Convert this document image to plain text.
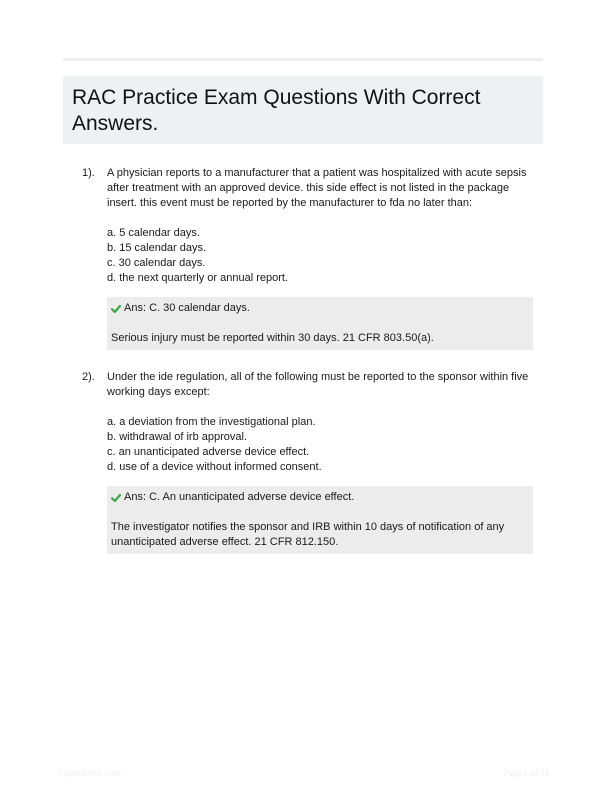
RAC Practice Exam Questions With Correct Answers.
1). A physician reports to a manufacturer that a patient was hospitalized with acute sepsis after treatment with an approved device. this side effect is not listed in the package insert. this event must be reported by the manufacturer to fda no later than:

a. 5 calendar days.
b. 15 calendar days.
c. 30 calendar days.
d. the next quarterly or annual report.
Ans: C. 30 calendar days.
Serious injury must be reported within 30 days. 21 CFR 803.50(a).
2). Under the ide regulation, all of the following must be reported to the sponsor within five working days except:

a. a deviation from the investigational plan.
b. withdrawal of irb approval.
c. an unanticipated adverse device effect.
d. use of a device without informed consent.
Ans: C. An unanticipated adverse device effect.
The investigator notifies the sponsor and IRB within 10 days of notification of any unanticipated adverse effect. 21 CFR 812.150.
PaperShelf.com	Page 1 of 34
